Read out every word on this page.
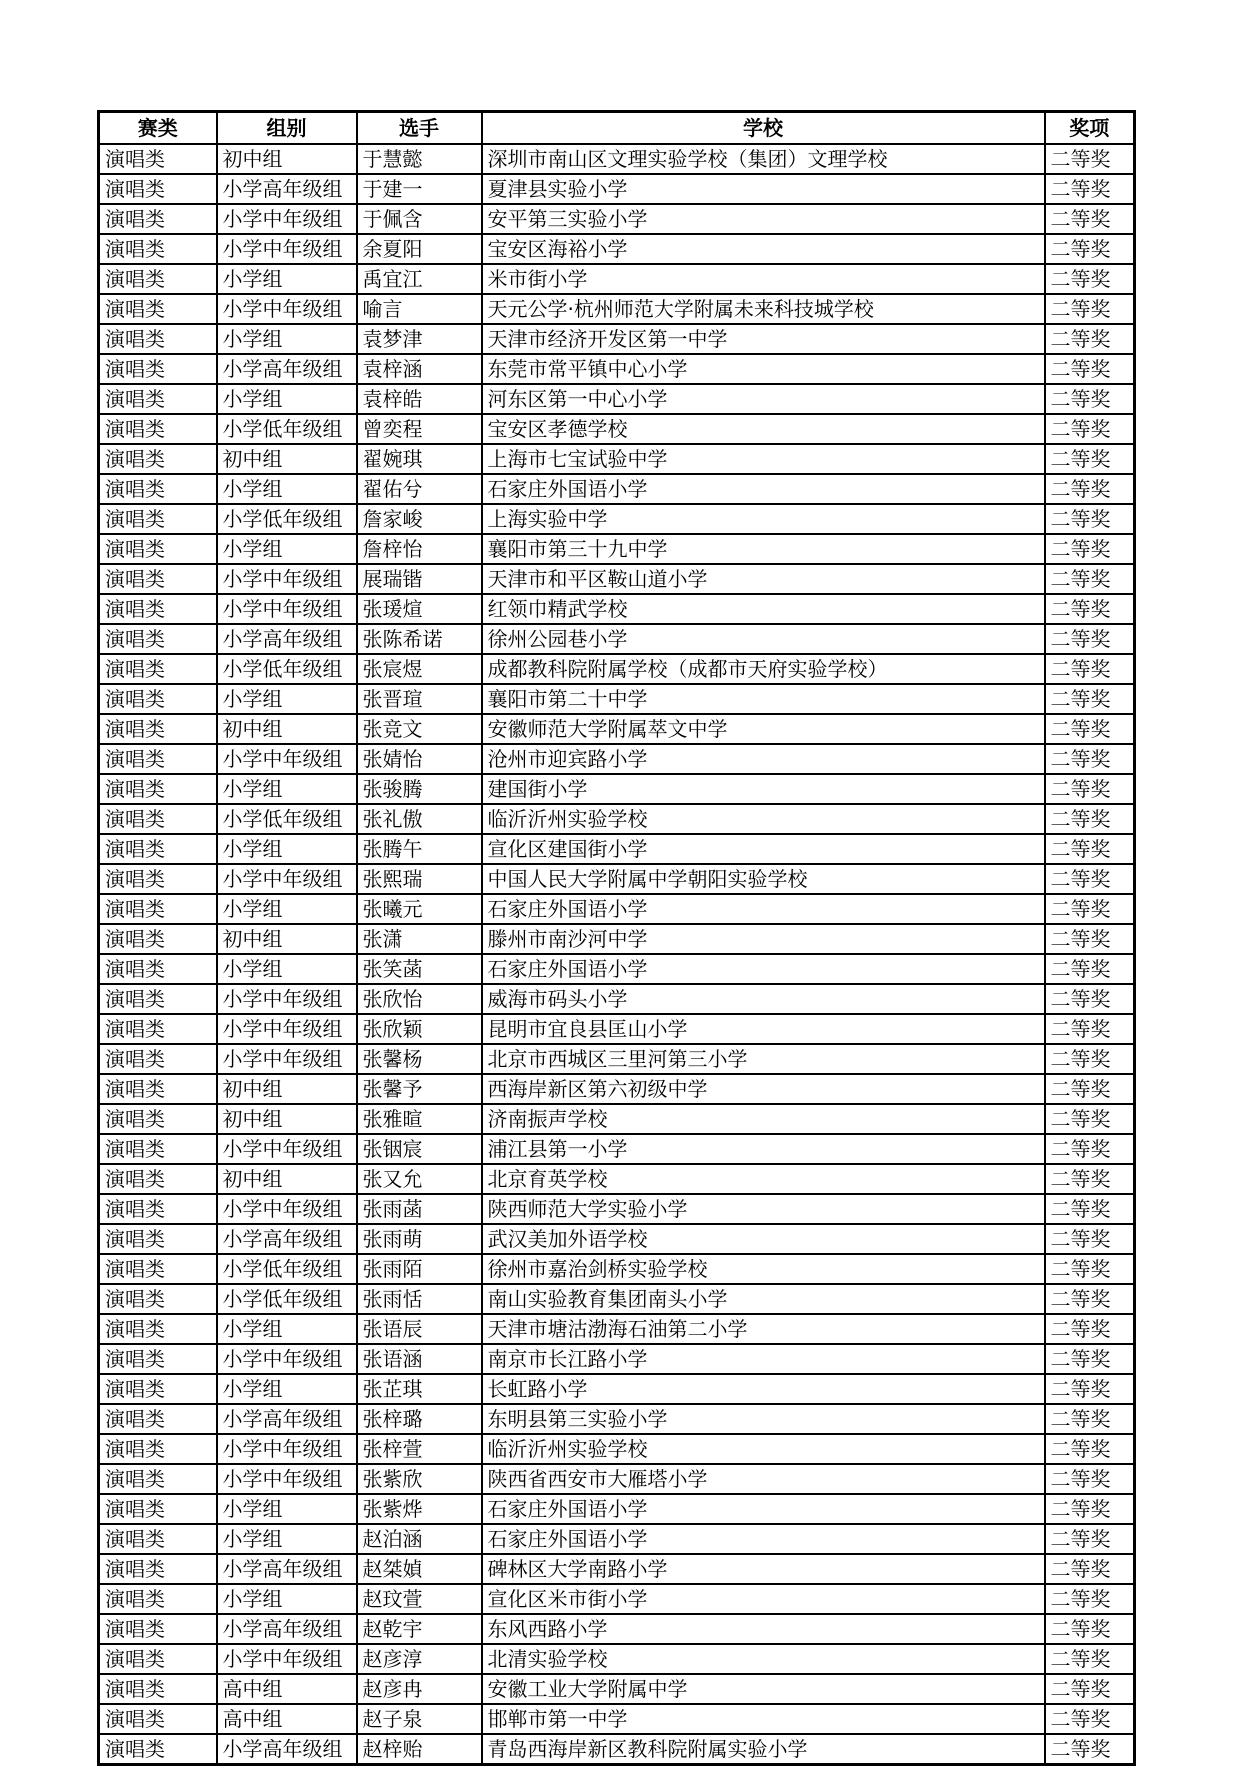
赛类	组别	选手	学校	奖项
演唱类	初中组	于慧懿	深圳市南山区文理实验学校（集团）文理学校	二等奖
演唱类	小学高年级组	于建一	夏津县实验小学	二等奖
演唱类	小学中年级组	于佩含	安平第三实验小学	二等奖
演唱类	小学中年级组	余夏阳	宝安区海裕小学	二等奖
演唱类	小学组	禹宜江	米市街小学	二等奖
演唱类	小学中年级组	喻言	天元公学·杭州师范大学附属未来科技城学校	二等奖
演唱类	小学组	袁梦津	天津市经济开发区第一中学	二等奖
演唱类	小学高年级组	袁梓涵	东莞市常平镇中心小学	二等奖
演唱类	小学组	袁梓皓	河东区第一中心小学	二等奖
演唱类	小学低年级组	曾奕程	宝安区孝德学校	二等奖
演唱类	初中组	翟婉琪	上海市七宝试验中学	二等奖
演唱类	小学组	翟佑兮	石家庄外国语小学	二等奖
演唱类	小学低年级组	詹家峻	上海实验中学	二等奖
演唱类	小学组	詹梓怡	襄阳市第三十九中学	二等奖
演唱类	小学中年级组	展瑞锴	天津市和平区鞍山道小学	二等奖
演唱类	小学中年级组	张瑗煊	红领巾精武学校	二等奖
演唱类	小学高年级组	张陈希诺	徐州公园巷小学	二等奖
演唱类	小学低年级组	张宸煜	成都教科院附属学校（成都市天府实验学校）	二等奖
演唱类	小学组	张晋瑄	襄阳市第二十中学	二等奖
演唱类	初中组	张竞文	安徽师范大学附属萃文中学	二等奖
演唱类	小学中年级组	张婧怡	沧州市迎宾路小学	二等奖
演唱类	小学组	张骏腾	建国街小学	二等奖
演唱类	小学低年级组	张礼傲	临沂沂州实验学校	二等奖
演唱类	小学组	张腾午	宣化区建国街小学	二等奖
演唱类	小学中年级组	张熙瑞	中国人民大学附属中学朝阳实验学校	二等奖
演唱类	小学组	张曦元	石家庄外国语小学	二等奖
演唱类	初中组	张潇	滕州市南沙河中学	二等奖
演唱类	小学组	张笑菡	石家庄外国语小学	二等奖
演唱类	小学中年级组	张欣怡	威海市码头小学	二等奖
演唱类	小学中年级组	张欣颖	昆明市宜良县匡山小学	二等奖
演唱类	小学中年级组	张馨杨	北京市西城区三里河第三小学	二等奖
演唱类	初中组	张馨予	西海岸新区第六初级中学	二等奖
演唱类	初中组	张雅暄	济南振声学校	二等奖
演唱类	小学中年级组	张铟宸	浦江县第一小学	二等奖
演唱类	初中组	张又允	北京育英学校	二等奖
演唱类	小学中年级组	张雨菡	陕西师范大学实验小学	二等奖
演唱类	小学高年级组	张雨萌	武汉美加外语学校	二等奖
演唱类	小学低年级组	张雨陌	徐州市嘉治剑桥实验学校	二等奖
演唱类	小学低年级组	张雨恬	南山实验教育集团南头小学	二等奖
演唱类	小学组	张语辰	天津市塘沽渤海石油第二小学	二等奖
演唱类	小学中年级组	张语涵	南京市长江路小学	二等奖
演唱类	小学组	张芷琪	长虹路小学	二等奖
演唱类	小学高年级组	张梓璐	东明县第三实验小学	二等奖
演唱类	小学中年级组	张梓萱	临沂沂州实验学校	二等奖
演唱类	小学中年级组	张紫欣	陕西省西安市大雁塔小学	二等奖
演唱类	小学组	张紫烨	石家庄外国语小学	二等奖
演唱类	小学组	赵泊涵	石家庄外国语小学	二等奖
演唱类	小学高年级组	赵桀媜	碑林区大学南路小学	二等奖
演唱类	小学组	赵玟萱	宣化区米市街小学	二等奖
演唱类	小学高年级组	赵乾宇	东风西路小学	二等奖
演唱类	小学中年级组	赵彦淳	北清实验学校	二等奖
演唱类	高中组	赵彦冉	安徽工业大学附属中学	二等奖
演唱类	高中组	赵子泉	邯郸市第一中学	二等奖
演唱类	小学高年级组	赵梓贻	青岛西海岸新区教科院附属实验小学	二等奖
